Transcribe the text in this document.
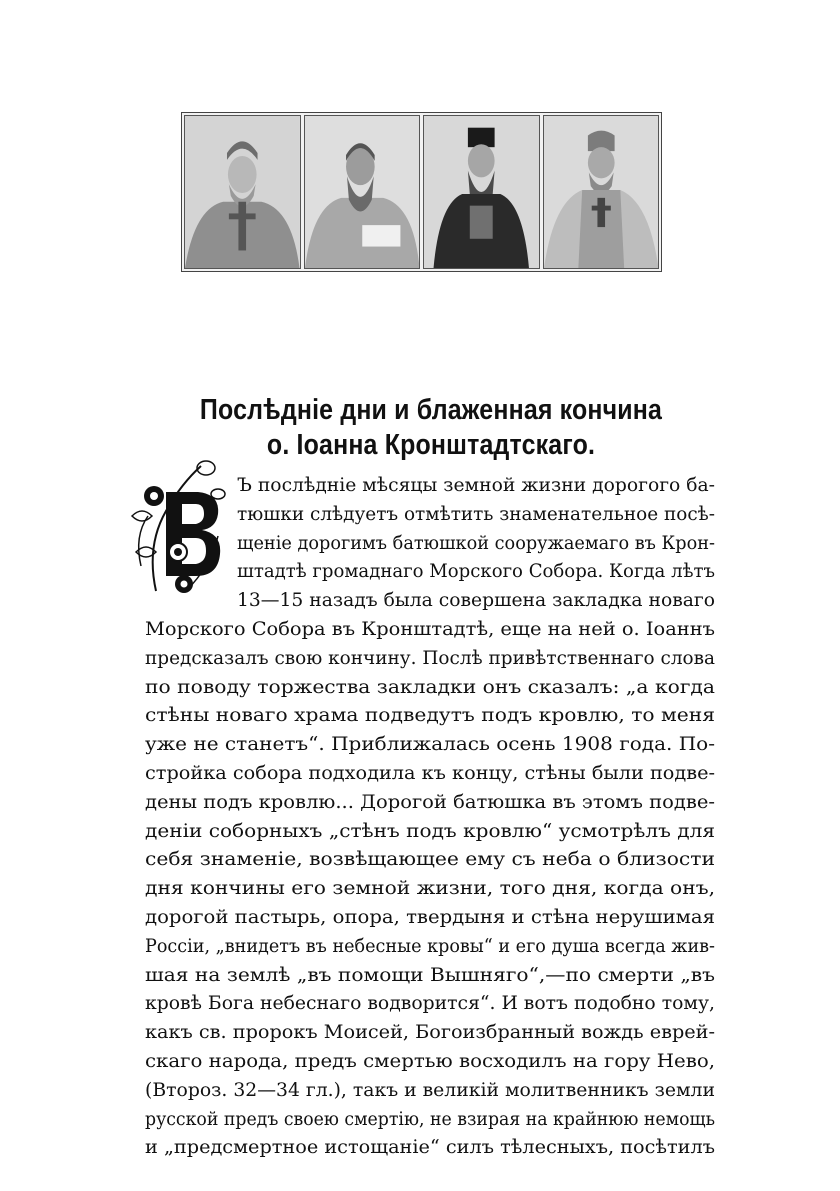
Послѣдніе дни и блаженная кончина
о. Іоанна Кронштадтскаго.
Ъ послѣдніе мѣсяцы земной жизни дорогого ба-
тюшки слѣдуетъ отмѣтить знаменательное посѣ-
щеніе дорогимъ батюшкой сооружаемаго въ Крон-
штадтѣ громаднаго Морского Собора. Когда лѣтъ
13—15 назадъ была совершена закладка новаго
Морского Собора въ Кронштадтѣ, еще на ней о. Іоаннъ
предсказалъ свою кончину. Послѣ привѣтственнаго слова
по поводу торжества закладки онъ сказалъ: „а когда
стѣны новаго храма подведутъ подъ кровлю, то меня
уже не станетъ“. Приближалась осень 1908 года. По-
стройка собора подходила къ концу, стѣны были подве-
дены подъ кровлю... Дорогой батюшка въ этомъ подве-
деніи соборныхъ „стѣнъ подъ кровлю“ усмотрѣлъ для
себя знаменіе, возвѣщающее ему съ неба о близости
дня кончины его земной жизни, того дня, когда онъ,
дорогой пастырь, опора, твердыня и стѣна нерушимая
Россіи, „внидетъ въ небесные кровы“ и его душа всегда жив-
шая на землѣ „въ помощи Вышняго“,—по смерти „въ
кровѣ Бога небеснаго водворится“. И вотъ подобно тому,
какъ св. пророкъ Моисей, Богоизбранный вождь еврей-
скаго народа, предъ смертью восходилъ на гору Нево,
(Второз. 32—34 гл.), такъ и великій молитвенникъ земли
русской предъ своею смертію, не взирая на крайнюю немощь
и „предсмертное истощаніе“ силъ тѣлесныхъ, посѣтилъ
